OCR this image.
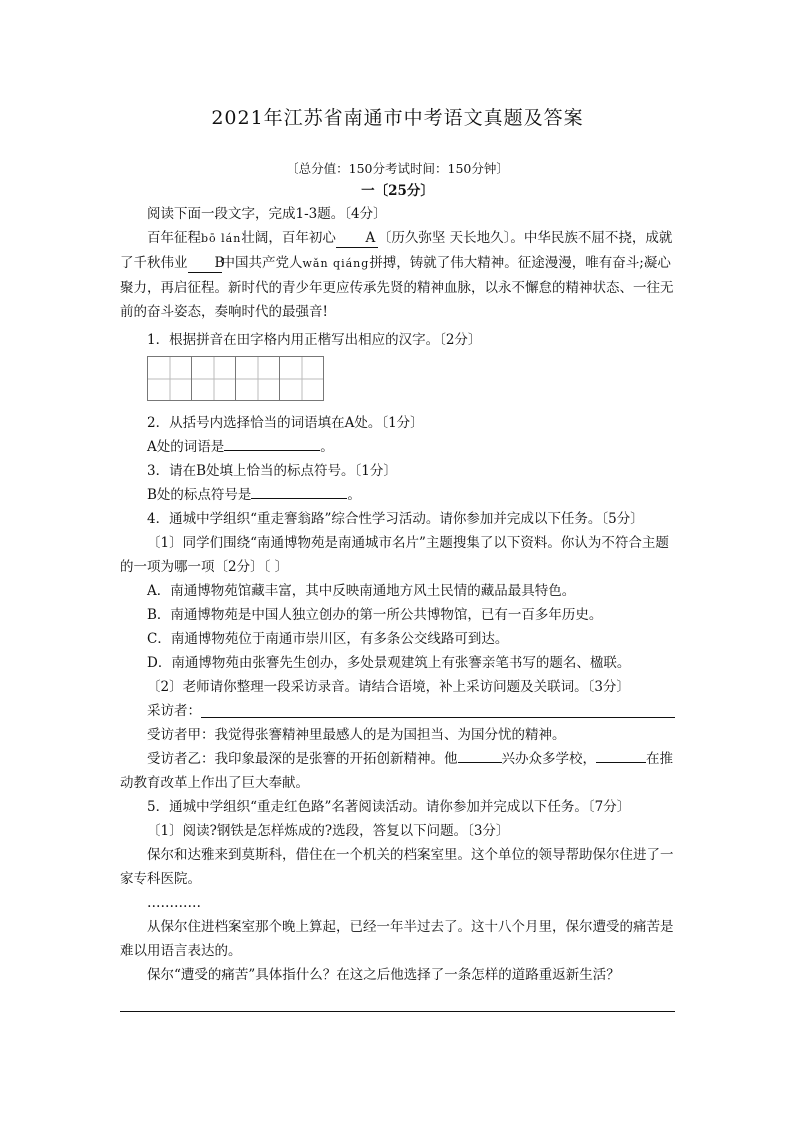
2021年江苏省南通市中考语文真题及答案
〔总分值：150分考试时间：150分钟〕
一〔25分〕

阅读下面一段文字，完成1-3题。〔4分〕

百年征程bō lán壮阔，百年初心 A 〔历久弥坚 天长地久〕。中华民族不屈不挠，成就了千秋伟业 B中国共产党人wǎn qiáng拼搏，铸就了伟大精神。征途漫漫，唯有奋斗;凝心聚力，再启征程。新时代的青少年更应传承先贤的精神血脉，以永不懈怠的精神状态、一往无前的奋斗姿态，奏响时代的最强音!

1．根据拼音在田字格内用正楷写出相应的汉字。〔2分〕

2．从括号内选择恰当的词语填在A处。〔1分〕

A处的词语是	。

3．请在B处填上恰当的标点符号。〔1分〕

B处的标点符号是	。

4．通城中学组织“重走謇翁路”综合性学习活动。请你参加并完成以下任务。〔5分〕

〔1〕同学们围绕“南通博物苑是南通城市名片”主题搜集了以下资料。你认为不符合主题的一项为哪一项〔2分〕〔 〕

A．南通博物苑馆藏丰富，其中反映南通地方风土民情的藏品最具特色。

B．南通博物苑是中国人独立创办的第一所公共博物馆，已有一百多年历史。

C．南通博物苑位于南通市崇川区，有多条公交线路可到达。

D．南通博物苑由张謇先生创办，多处景观建筑上有张謇亲笔书写的题名、楹联。

〔2〕老师请你整理一段采访录音。请结合语境，补上采访问题及关联词。〔3分〕

采访者：

受访者甲：我觉得张謇精神里最感人的是为国担当、为国分忧的精神。

受访者乙：我印象最深的是张謇的开拓创新精神。他	兴办众多学校，	在推动教育改革上作出了巨大奉献。

5．通城中学组织“重走红色路”名著阅读活动。请你参加并完成以下任务。〔7分〕

〔1〕阅读?钢铁是怎样炼成的?选段，答复以下问题。〔3分〕

保尔和达雅来到莫斯科，借住在一个机关的档案室里。这个单位的领导帮助保尔住进了一家专科医院。

…………

从保尔住进档案室那个晚上算起，已经一年半过去了。这十八个月里，保尔遭受的痛苦是难以用语言表达的。

保尔“遭受的痛苦”具体指什么？在这之后他选择了一条怎样的道路重返新生活？
